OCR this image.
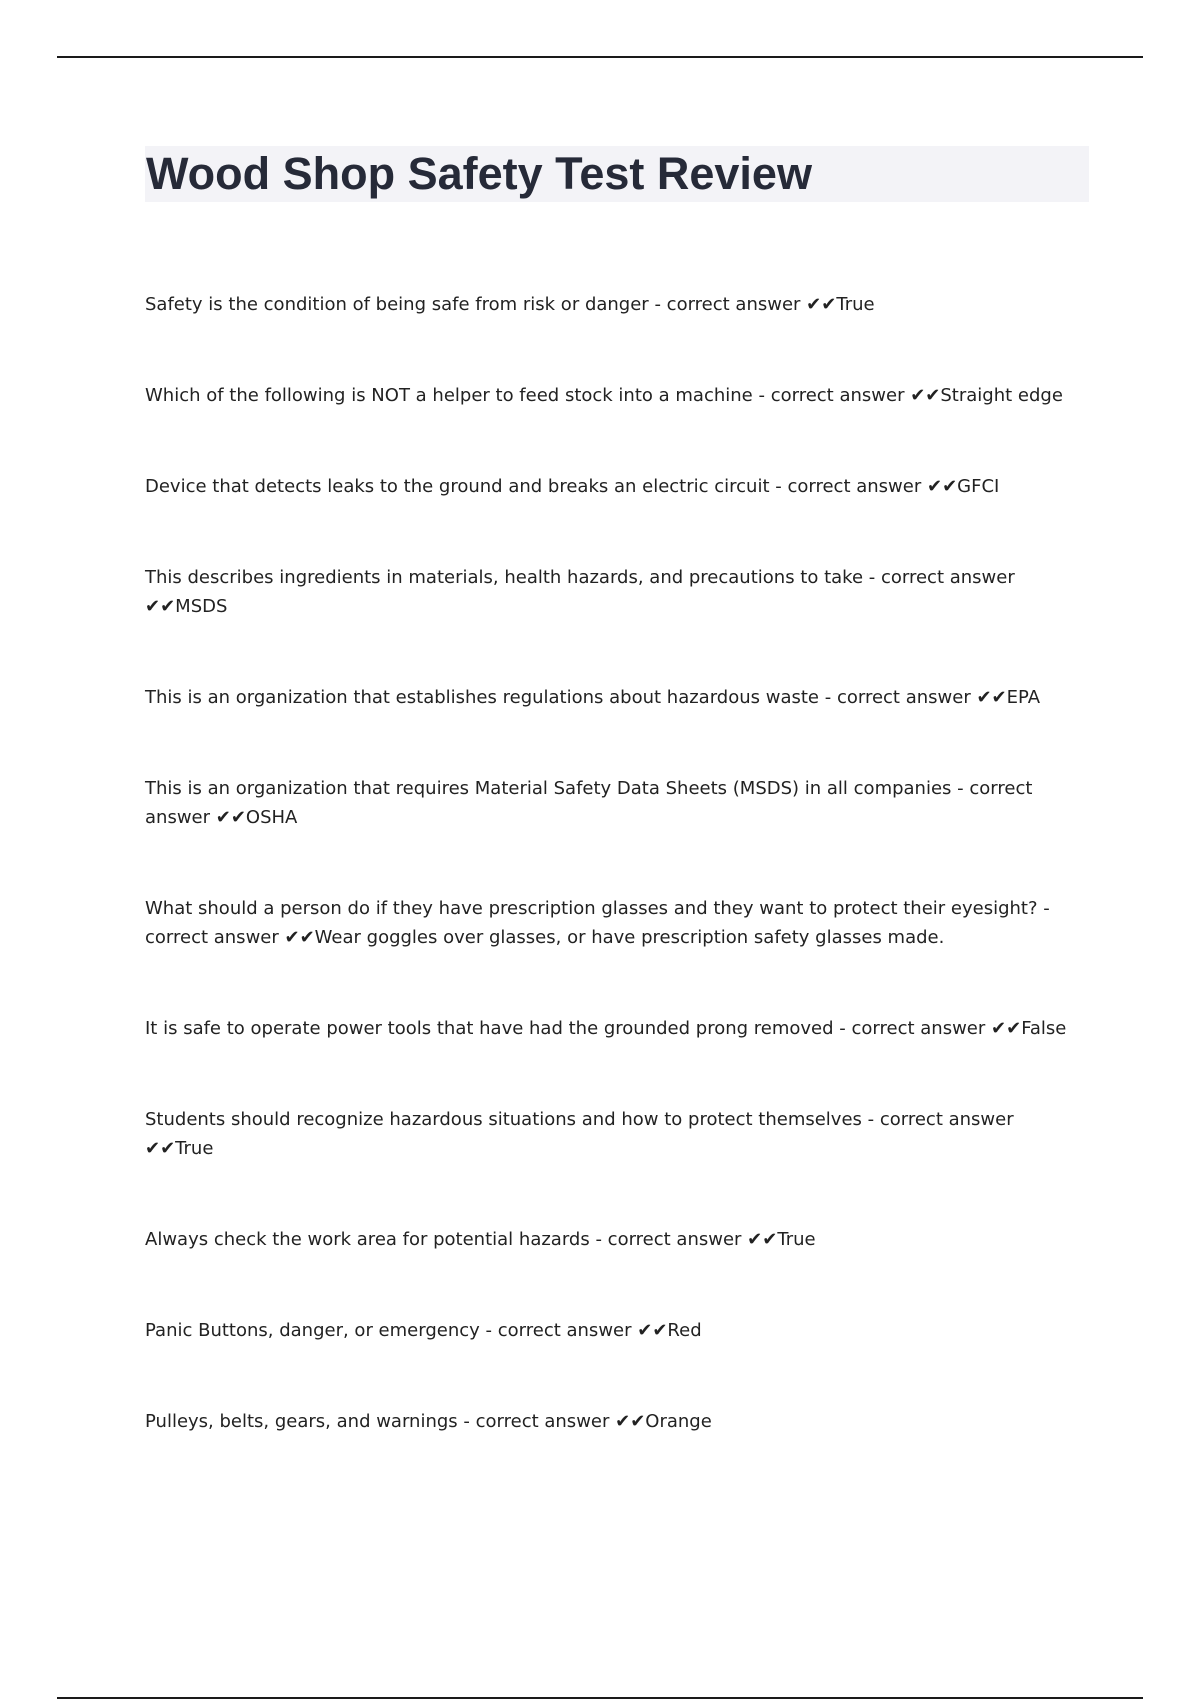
Wood Shop Safety Test Review
Safety is the condition of being safe from risk or danger - correct answer ✔✔True
Which of the following is NOT a helper to feed stock into a machine - correct answer ✔✔Straight edge
Device that detects leaks to the ground and breaks an electric circuit - correct answer ✔✔GFCI
This describes ingredients in materials, health hazards, and precautions to take - correct answer ✔✔MSDS
This is an organization that establishes regulations about hazardous waste - correct answer ✔✔EPA
This is an organization that requires Material Safety Data Sheets (MSDS) in all companies - correct answer ✔✔OSHA
What should a person do if they have prescription glasses and they want to protect their eyesight? - correct answer ✔✔Wear goggles over glasses, or have prescription safety glasses made.
It is safe to operate power tools that have had the grounded prong removed - correct answer ✔✔False
Students should recognize hazardous situations and how to protect themselves - correct answer ✔✔True
Always check the work area for potential hazards - correct answer ✔✔True
Panic Buttons, danger, or emergency - correct answer ✔✔Red
Pulleys, belts, gears, and warnings - correct answer ✔✔Orange
